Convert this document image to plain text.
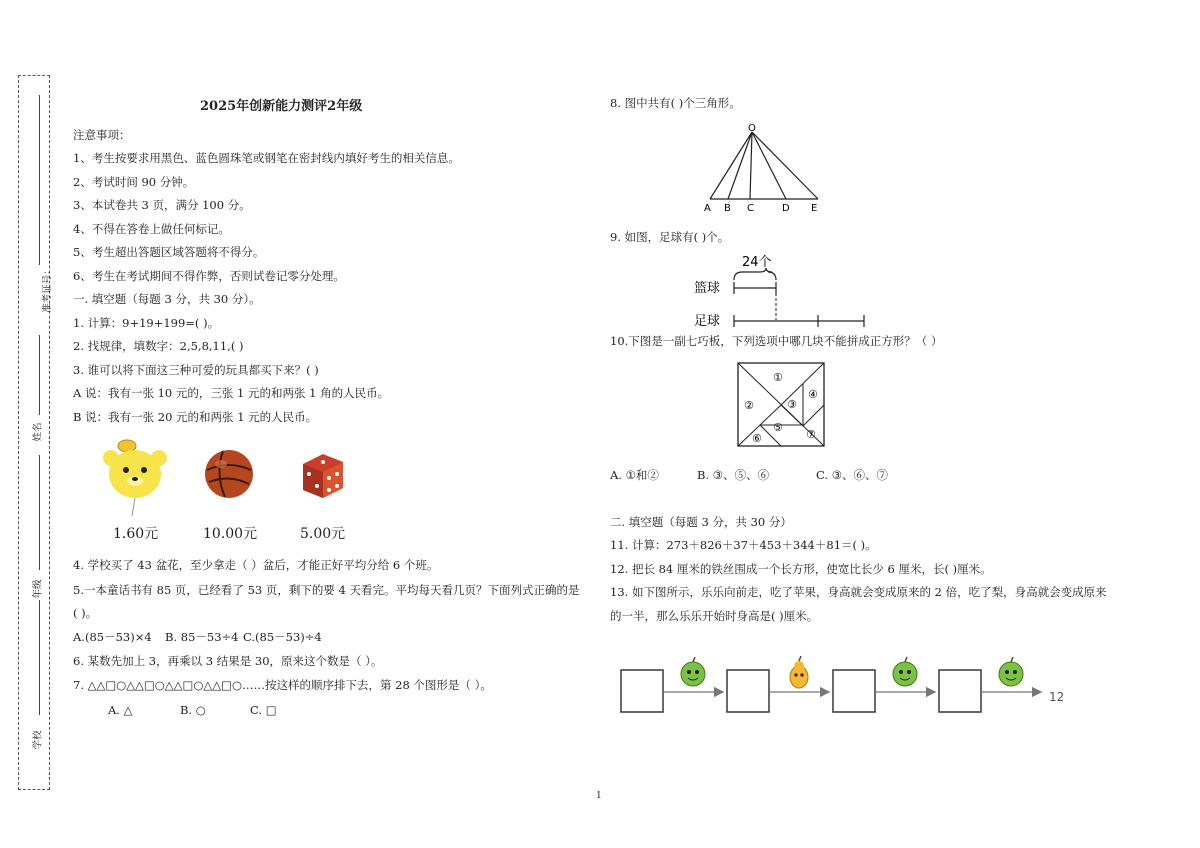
准考证号：
姓名
年级
学校
2025年创新能力测评2年级
注意事项：
1、考生按要求用黑色、蓝色圆珠笔或钢笔在密封线内填好考生的相关信息。
2、考试时间 90 分钟。
3、本试卷共 3 页，满分 100 分。
4、不得在答卷上做任何标记。
5、考生超出答题区域答题将不得分。
6、考生在考试期间不得作弊，否则试卷记零分处理。
一. 填空题（每题 3 分，共 30 分）。
1. 计算：9+19+199=( )。
2. 找规律，填数字：2,5,8,11,( )
3. 谁可以将下面这三种可爱的玩具都买下来？( )
A 说：我有一张 10 元的，三张 1 元的和两张 1 角的人民币。
B 说：我有一张 20 元的和两张 1 元的人民币。
1.60元	10.00元	5.00元
4. 学校买了 43 盆花，至少拿走（ ）盆后，才能正好平均分给 6 个班。
5.一本童话书有 85 页，已经看了 53 页，剩下的要 4 天看完。平均每天看几页？下面列式正确的是
( )。
A.(85－53)×4 B. 85－53÷4 C.(85－53)÷4
6. 某数先加上 3，再乘以 3 结果是 30，原来这个数是（ ）。
7. △△□○△△□○△△□○△△□○……按这样的顺序排下去，第 28 个图形是（ ）。
A. △	B. ○	C. □
8. 图中共有( )个三角形。
O
A B C	D E
9. 如图，足球有( )个。
24个
篮球
足球
10.下图是一副七巧板，下列选项中哪几块不能拼成正方形？（ ）
①
②	③
④
⑤
⑥	⑦
A. ①和②	B. ③、⑤、⑥	C. ③、⑥、⑦
二. 填空题（每题 3 分，共 30 分）
11. 计算：273＋826＋37＋453＋344＋81＝( )。
12. 把长 84 厘米的铁丝围成一个长方形，使宽比长少 6 厘米，长( )厘米。
13. 如下图所示，乐乐向前走，吃了苹果，身高就会变成原来的 2 倍，吃了梨，身高就会变成原来
的一半，那么乐乐开始时身高是( )厘米。
12
1
